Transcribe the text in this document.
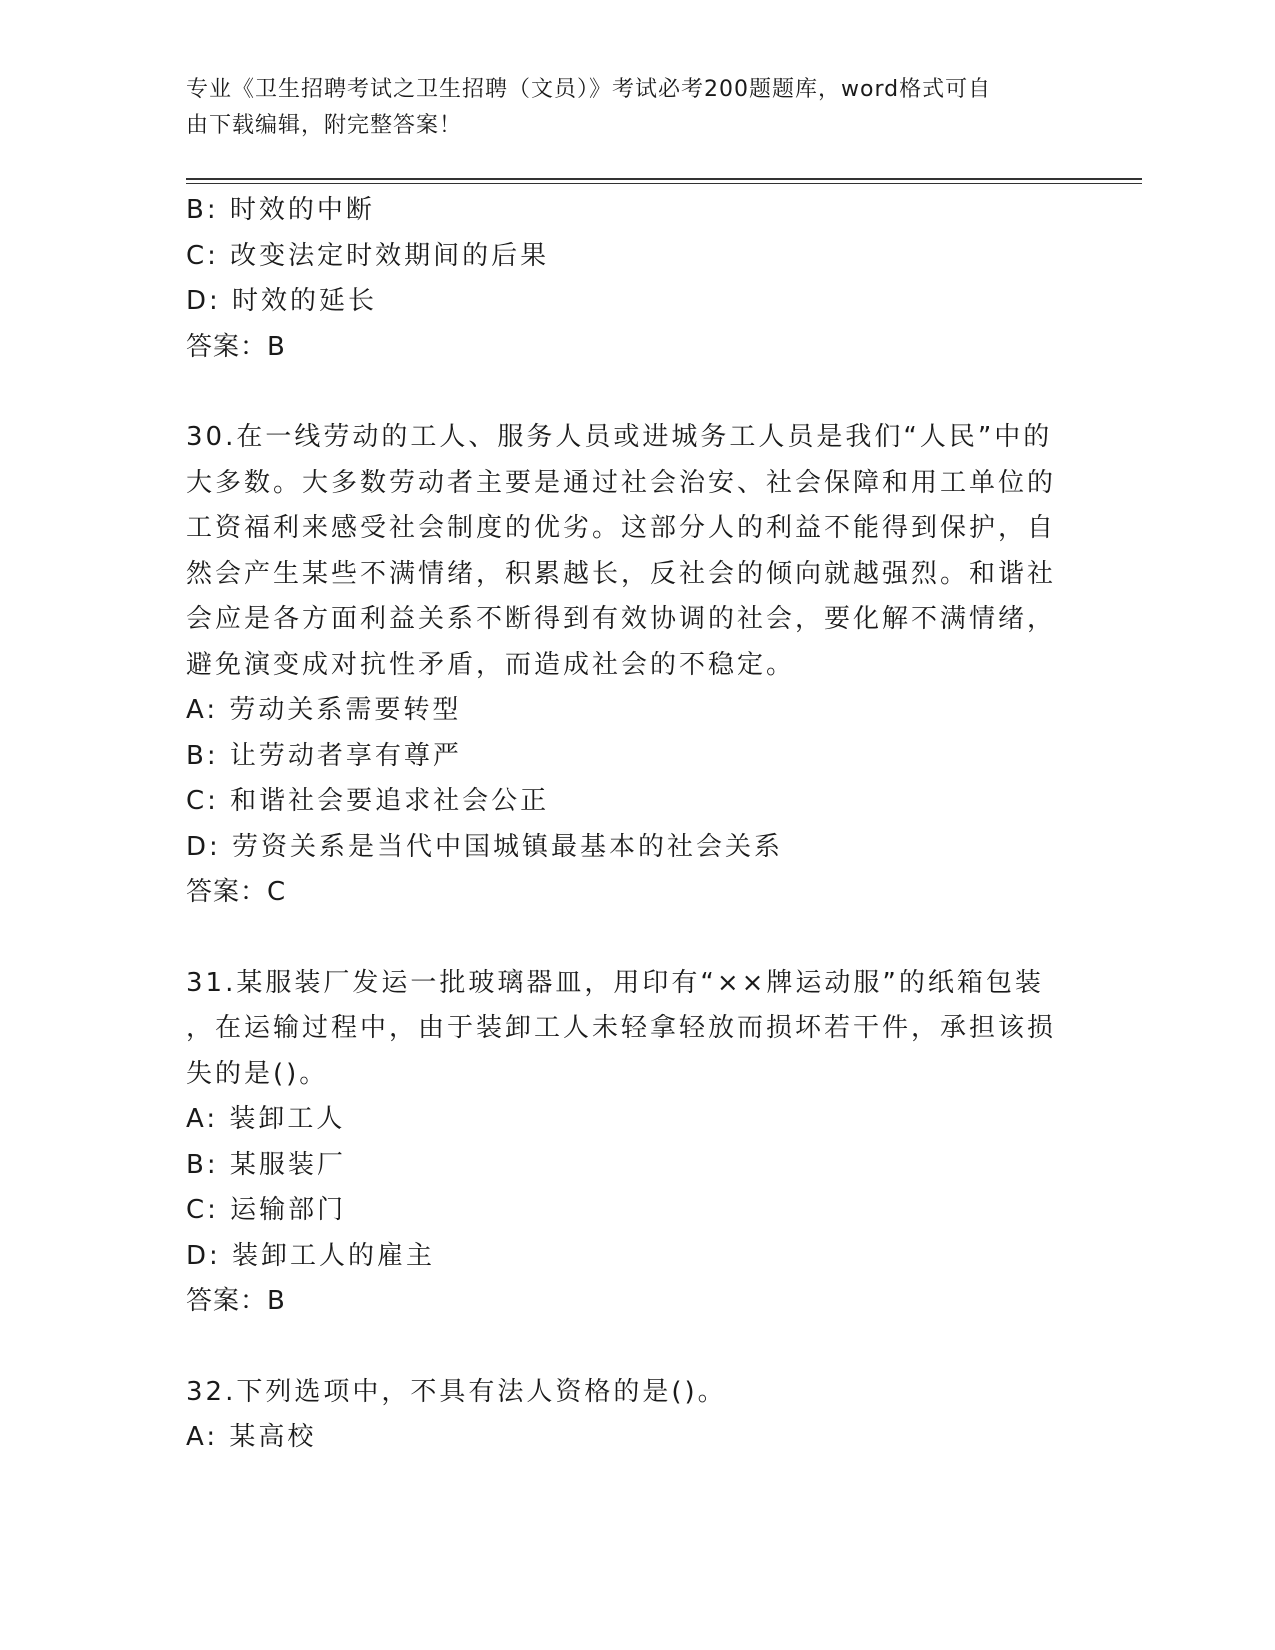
专业《卫生招聘考试之卫生招聘（文员）》考试必考200题题库，word格式可自
由下载编辑，附完整答案！
B: 时效的中断
C: 改变法定时效期间的后果
D: 时效的延长
答案：B
30.在一线劳动的工人、服务人员或进城务工人员是我们“人民”中的
大多数。大多数劳动者主要是通过社会治安、社会保障和用工单位的
工资福利来感受社会制度的优劣。这部分人的利益不能得到保护，自
然会产生某些不满情绪，积累越长，反社会的倾向就越强烈。和谐社
会应是各方面利益关系不断得到有效协调的社会，要化解不满情绪，
避免演变成对抗性矛盾，而造成社会的不稳定。
A: 劳动关系需要转型
B: 让劳动者享有尊严
C: 和谐社会要追求社会公正
D: 劳资关系是当代中国城镇最基本的社会关系
答案：C
31.某服装厂发运一批玻璃器皿，用印有“××牌运动服”的纸箱包装
，在运输过程中，由于装卸工人未轻拿轻放而损坏若干件，承担该损
失的是()。
A: 装卸工人
B: 某服装厂
C: 运输部门
D: 装卸工人的雇主
答案：B
32.下列选项中，不具有法人资格的是()。
A: 某高校
